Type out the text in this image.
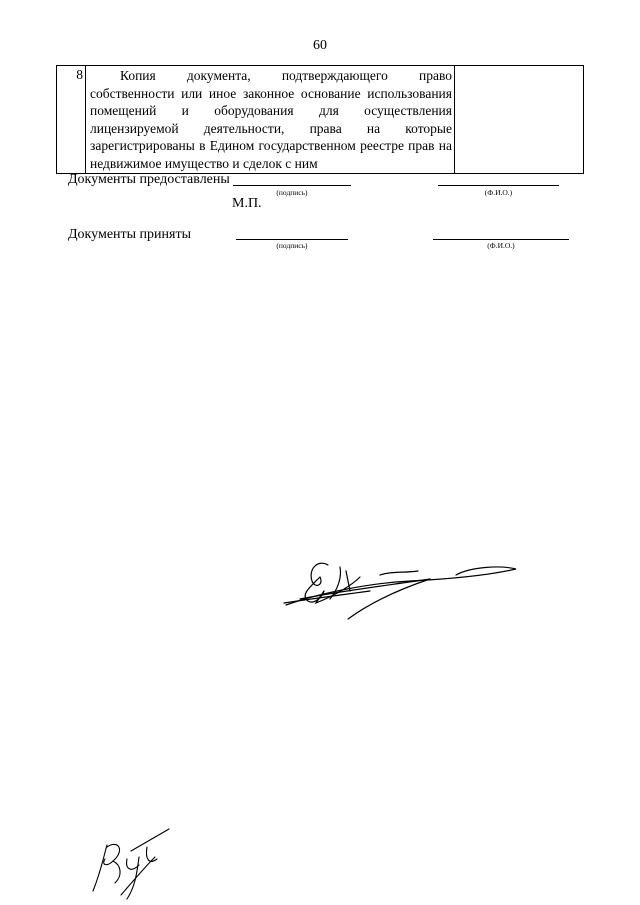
60
8	Копия документа, подтверждающего право собственности или иное законное основание использования помещений и оборудования для осуществления лицензируемой деятельности, права на которые зарегистрированы в Едином государственном реестре прав на недвижимое имущество и сделок с ним	
Документы предоставлены
(подпись)	(Ф.И.О.)
М.П.
Документы приняты
(подпись)	(Ф.И.О.)
